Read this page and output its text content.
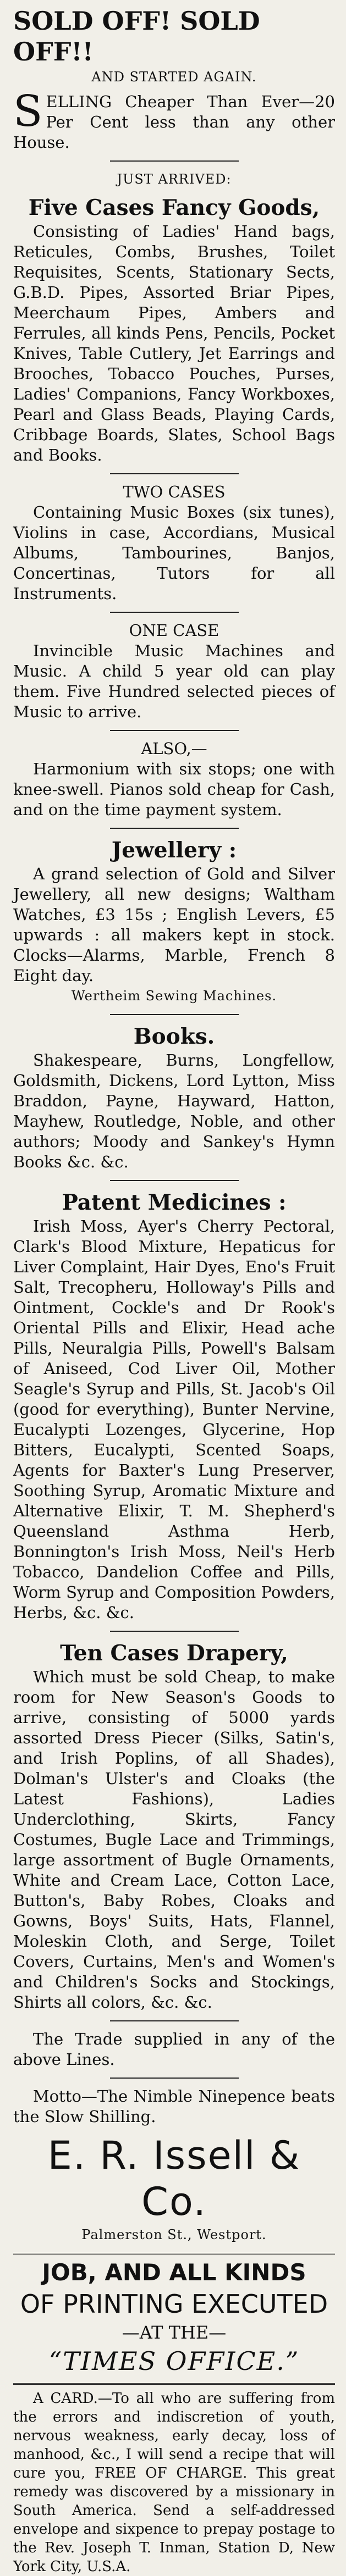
SOLD OFF! SOLD OFF!!

AND STARTED AGAIN.

S ELLING Cheaper Than Ever—20 Per Cent less than any other House.

JUST ARRIVED:

Five Cases Fancy Goods,

Consisting of Ladies' Hand bags, Reticules, Combs, Brushes, Toilet Requisites, Scents, Stationary Sects, G.B.D. Pipes, Assorted Briar Pipes, Meerchaum Pipes, Ambers and Ferrules, all kinds Pens, Pencils, Pocket Knives, Table Cutlery, Jet Earrings and Brooches, Tobacco Pouches, Purses, Ladies' Companions, Fancy Workboxes, Pearl and Glass Beads, Playing Cards, Cribbage Boards, Slates, School Bags and Books.

TWO CASES

Containing Music Boxes (six tunes), Violins in case, Accordians, Musical Albums, Tambourines, Banjos, Concertinas, Tutors for all Instruments.

ONE CASE

Invincible Music Machines and Music. A child 5 year old can play them. Five Hundred selected pieces of Music to arrive.

ALSO,—

Harmonium with six stops; one with knee-swell. Pianos sold cheap for Cash, and on the time payment system.

Jewellery :

A grand selection of Gold and Silver Jewellery, all new designs; Waltham Watches, £3 15s ; English Levers, £5 upwards : all makers kept in stock. Clocks—Alarms, Marble, French 8 Eight day.

Wertheim Sewing Machines.

Books.

Shakespeare, Burns, Longfellow, Goldsmith, Dickens, Lord Lytton, Miss Braddon, Payne, Hayward, Hatton, Mayhew, Routledge, Noble, and other authors; Moody and Sankey's Hymn Books &c. &c.

Patent Medicines :

Irish Moss, Ayer's Cherry Pectoral, Clark's Blood Mixture, Hepaticus for Liver Complaint, Hair Dyes, Eno's Fruit Salt, Trecopheru, Holloway's Pills and Ointment, Cockle's and Dr Rook's Oriental Pills and Elixir, Head ache Pills, Neuralgia Pills, Powell's Balsam of Aniseed, Cod Liver Oil, Mother Seagle's Syrup and Pills, St. Jacob's Oil (good for everything), Bunter Nervine, Eucalypti Lozenges, Glycerine, Hop Bitters, Eucalypti, Scented Soaps, Agents for Baxter's Lung Preserver, Soothing Syrup, Aromatic Mixture and Alternative Elixir, T. M. Shepherd's Queensland Asthma Herb, Bonnington's Irish Moss, Neil's Herb Tobacco, Dandelion Coffee and Pills, Worm Syrup and Composition Powders, Herbs, &c. &c.

Ten Cases Drapery,

Which must be sold Cheap, to make room for New Season's Goods to arrive, consisting of 5000 yards assorted Dress Piecer (Silks, Satin's, and Irish Poplins, of all Shades), Dolman's Ulster's and Cloaks (the Latest Fashions), Ladies Underclothing, Skirts, Fancy Costumes, Bugle Lace and Trimmings, large assortment of Bugle Ornaments, White and Cream Lace, Cotton Lace, Button's, Baby Robes, Cloaks and Gowns, Boys' Suits, Hats, Flannel, Moleskin Cloth, and Serge, Toilet Covers, Curtains, Men's and Women's and Children's Socks and Stockings, Shirts all colors, &c. &c.

The Trade supplied in any of the above Lines.

Motto—The Nimble Ninepence beats the Slow Shilling.

E. R. Issell & Co.

Palmerston St., Westport.

JOB, AND ALL KINDS

OF PRINTING EXECUTED

—AT THE—

“TIMES OFFICE.”

A CARD.—To all who are suffering from the errors and indiscretion of youth, nervous weakness, early decay, loss of manhood, &c., I will send a recipe that will cure you, FREE OF CHARGE. This great remedy was discovered by a missionary in South America. Send a self-addressed envelope and sixpence to prepay postage to the Rev. Joseph T. Inman, Station D, New York City, U.S.A.
